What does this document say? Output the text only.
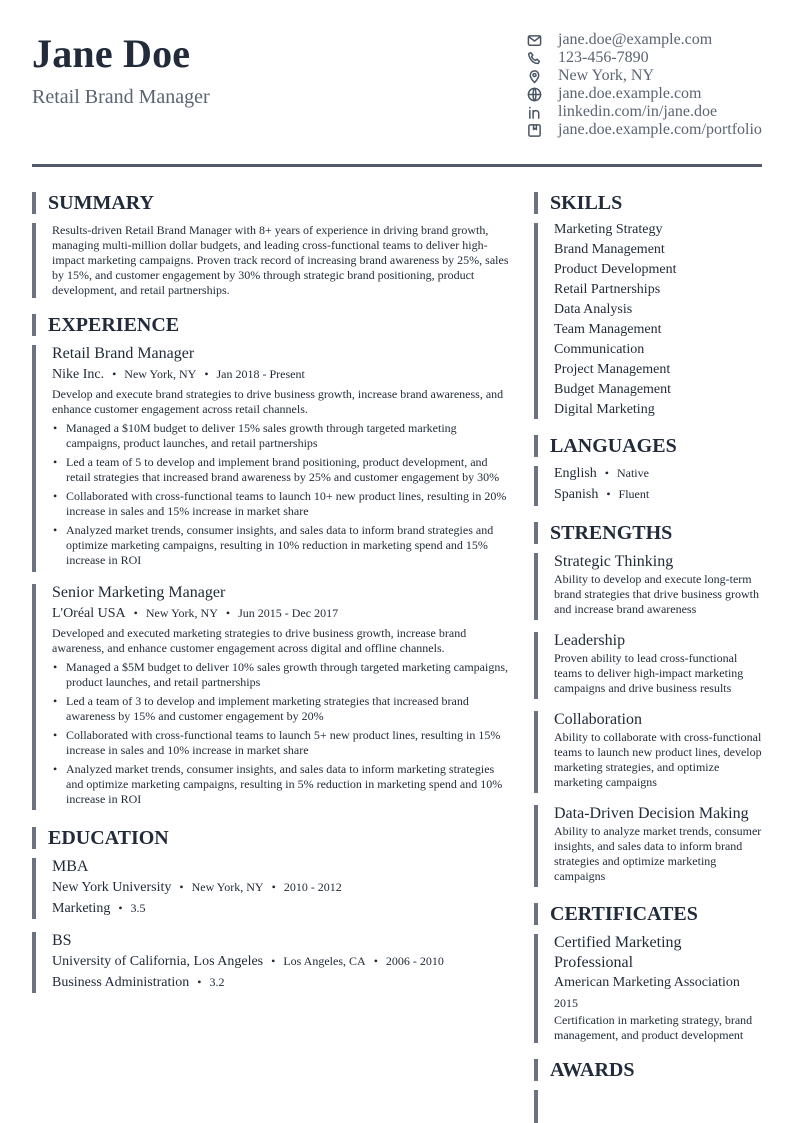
Jane Doe
Retail Brand Manager
jane.doe@example.com
123-456-7890
New York, NY
jane.doe.example.com
linkedin.com/in/jane.doe
jane.doe.example.com/portfolio
SUMMARY
Results-driven Retail Brand Manager with 8+ years of experience in driving brand growth, managing multi-million dollar budgets, and leading cross-functional teams to deliver high-impact marketing campaigns. Proven track record of increasing brand awareness by 25%, sales by 15%, and customer engagement by 30% through strategic brand positioning, product development, and retail partnerships.
EXPERIENCE
Retail Brand Manager
Nike Inc. • New York, NY • Jan 2018 - Present
Develop and execute brand strategies to drive business growth, increase brand awareness, and enhance customer engagement across retail channels.
• Managed a $10M budget to deliver 15% sales growth through targeted marketing campaigns, product launches, and retail partnerships
• Led a team of 5 to develop and implement brand positioning, product development, and retail strategies that increased brand awareness by 25% and customer engagement by 30%
• Collaborated with cross-functional teams to launch 10+ new product lines, resulting in 20% increase in sales and 15% increase in market share
• Analyzed market trends, consumer insights, and sales data to inform brand strategies and optimize marketing campaigns, resulting in 10% reduction in marketing spend and 15% increase in ROI
Senior Marketing Manager
L'Oréal USA • New York, NY • Jun 2015 - Dec 2017
Developed and executed marketing strategies to drive business growth, increase brand awareness, and enhance customer engagement across digital and offline channels.
• Managed a $5M budget to deliver 10% sales growth through targeted marketing campaigns, product launches, and retail partnerships
• Led a team of 3 to develop and implement marketing strategies that increased brand awareness by 15% and customer engagement by 20%
• Collaborated with cross-functional teams to launch 5+ new product lines, resulting in 15% increase in sales and 10% increase in market share
• Analyzed market trends, consumer insights, and sales data to inform marketing strategies and optimize marketing campaigns, resulting in 5% reduction in marketing spend and 10% increase in ROI
EDUCATION
MBA
New York University • New York, NY • 2010 - 2012
Marketing • 3.5
BS
University of California, Los Angeles • Los Angeles, CA • 2006 - 2010
Business Administration • 3.2
SKILLS
Marketing Strategy
Brand Management
Product Development
Retail Partnerships
Data Analysis
Team Management
Communication
Project Management
Budget Management
Digital Marketing
LANGUAGES
English • Native
Spanish • Fluent
STRENGTHS
Strategic Thinking
Ability to develop and execute long-term brand strategies that drive business growth and increase brand awareness
Leadership
Proven ability to lead cross-functional teams to deliver high-impact marketing campaigns and drive business results
Collaboration
Ability to collaborate with cross-functional teams to launch new product lines, develop marketing strategies, and optimize marketing campaigns
Data-Driven Decision Making
Ability to analyze market trends, consumer insights, and sales data to inform brand strategies and optimize marketing campaigns
CERTIFICATES
Certified Marketing Professional
American Marketing Association
2015
Certification in marketing strategy, brand management, and product development
AWARDS
